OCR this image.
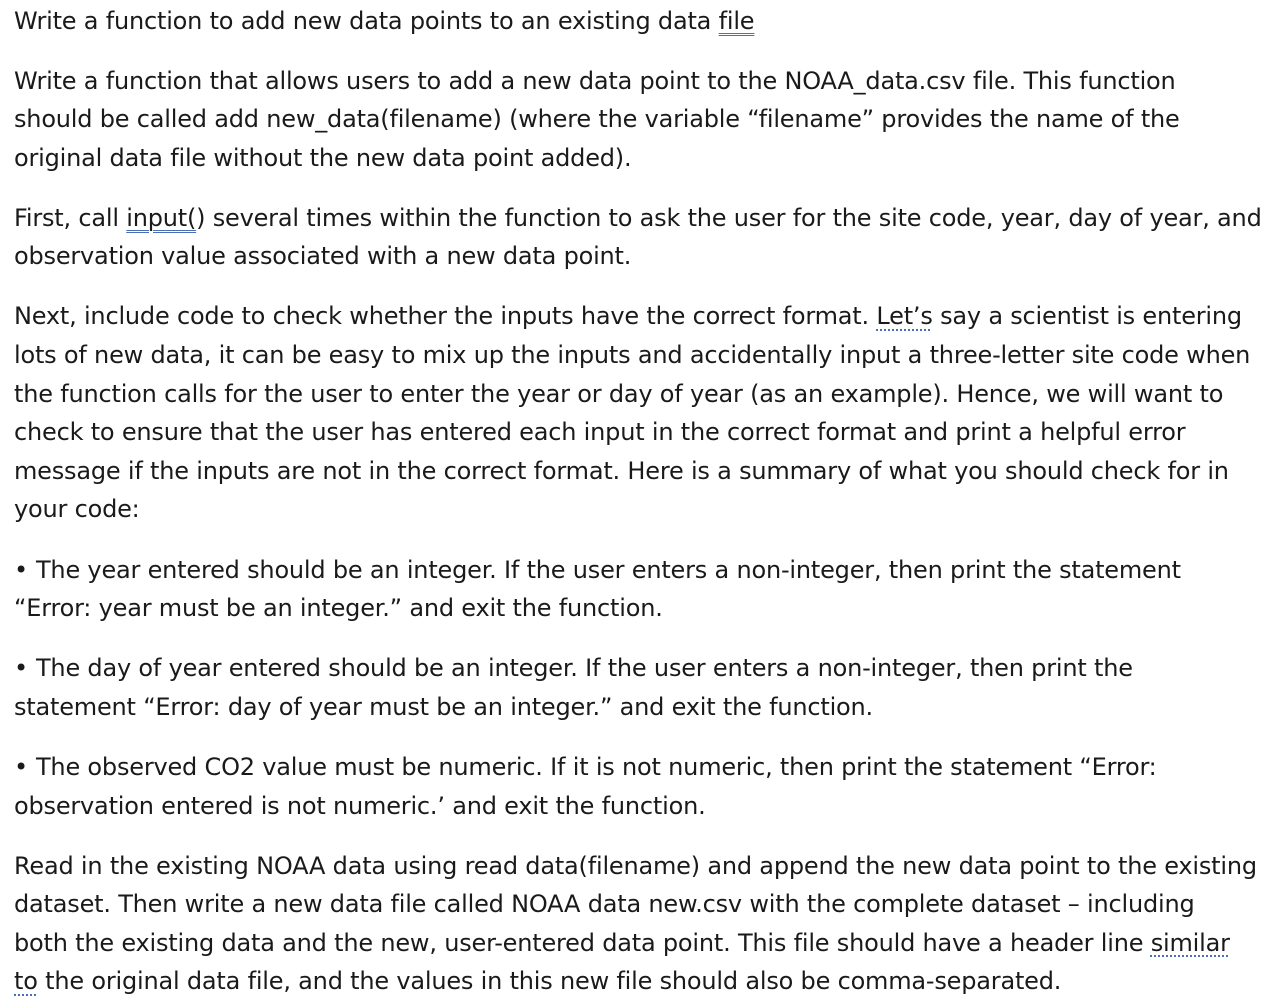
Write a function to add new data points to an existing data file
Write a function that allows users to add a new data point to the NOAA_data.csv file. This function
should be called add new_data(filename) (where the variable “filename” provides the name of the
original data file without the new data point added).
First, call input() several times within the function to ask the user for the site code, year, day of year, and
observation value associated with a new data point.
Next, include code to check whether the inputs have the correct format. Let’s say a scientist is entering
lots of new data, it can be easy to mix up the inputs and accidentally input a three-letter site code when
the function calls for the user to enter the year or day of year (as an example). Hence, we will want to
check to ensure that the user has entered each input in the correct format and print a helpful error
message if the inputs are not in the correct format. Here is a summary of what you should check for in
your code:
• The year entered should be an integer. If the user enters a non-integer, then print the statement
“Error: year must be an integer.” and exit the function.
• The day of year entered should be an integer. If the user enters a non-integer, then print the
statement “Error: day of year must be an integer.” and exit the function.
• The observed CO2 value must be numeric. If it is not numeric, then print the statement “Error:
observation entered is not numeric.’ and exit the function.
Read in the existing NOAA data using read data(filename) and append the new data point to the existing
dataset. Then write a new data file called NOAA data new.csv with the complete dataset – including
both the existing data and the new, user-entered data point. This file should have a header line similar
to the original data file, and the values in this new file should also be comma-separated.
